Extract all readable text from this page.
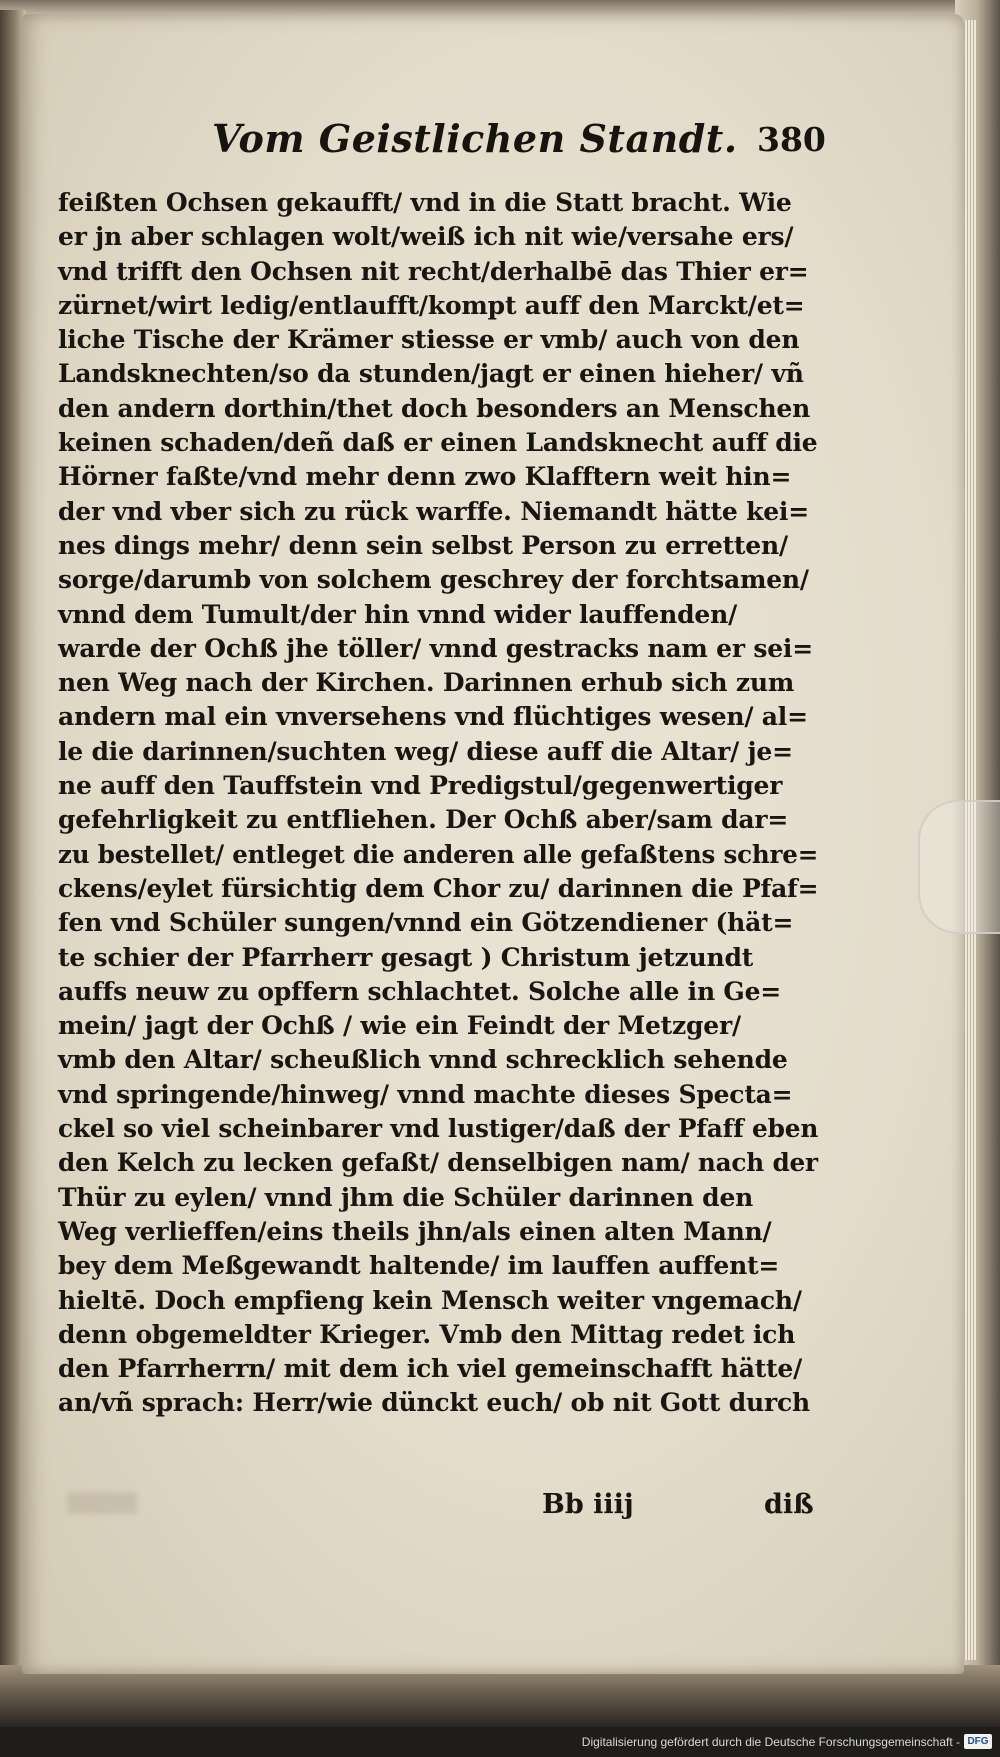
Vom Geistlichen Standt. 380
feißten Ochsen gekaufft/ vnd in die Statt bracht. Wie
er jn aber schlagen wolt/weiß ich nit wie/versahe ers/
vnd trifft den Ochsen nit recht/derhalbē das Thier er=
zürnet/wirt ledig/entlaufft/kompt auff den Marckt/et=
liche Tische der Krämer stiesse er vmb/ auch von den
Landsknechten/so da stunden/jagt er einen hieher/ vñ
den andern dorthin/thet doch besonders an Menschen
keinen schaden/deñ daß er einen Landsknecht auff die
Hörner faßte/vnd mehr denn zwo Klafftern weit hin=
der vnd vber sich zu rück warffe. Niemandt hätte kei=
nes dings mehr/ denn sein selbst Person zu erretten/
sorge/darumb von solchem geschrey der forchtsamen/
vnnd dem Tumult/der hin vnnd wider lauffenden/
warde der Ochß jhe töller/ vnnd gestracks nam er sei=
nen Weg nach der Kirchen. Darinnen erhub sich zum
andern mal ein vnversehens vnd flüchtiges wesen/ al=
le die darinnen/suchten weg/ diese auff die Altar/ je=
ne auff den Tauffstein vnd Predigstul/gegenwertiger
gefehrligkeit zu entfliehen. Der Ochß aber/sam dar=
zu bestellet/ entleget die anderen alle gefaßtens schre=
ckens/eylet fürsichtig dem Chor zu/ darinnen die Pfaf=
fen vnd Schüler sungen/vnnd ein Götzendiener (hät=
te schier der Pfarrherr gesagt ) Christum jetzundt
auffs neuw zu opffern schlachtet. Solche alle in Ge=
mein/ jagt der Ochß / wie ein Feindt der Metzger/
vmb den Altar/ scheußlich vnnd schrecklich sehende
vnd springende/hinweg/ vnnd machte dieses Specta=
ckel so viel scheinbarer vnd lustiger/daß der Pfaff eben
den Kelch zu lecken gefaßt/ denselbigen nam/ nach der
Thür zu eylen/ vnnd jhm die Schüler darinnen den
Weg verlieffen/eins theils jhn/als einen alten Mann/
bey dem Meßgewandt haltende/ im lauffen auffent=
hieltē. Doch empfieng kein Mensch weiter vngemach/
denn obgemeldter Krieger. Vmb den Mittag redet ich
den Pfarrherrn/ mit dem ich viel gemeinschafft hätte/
an/vñ sprach: Herr/wie dünckt euch/ ob nit Gott durch
Bb iiij	diß
Digitalisierung gefördert durch die Deutsche Forschungsgemeinschaft - DFG
